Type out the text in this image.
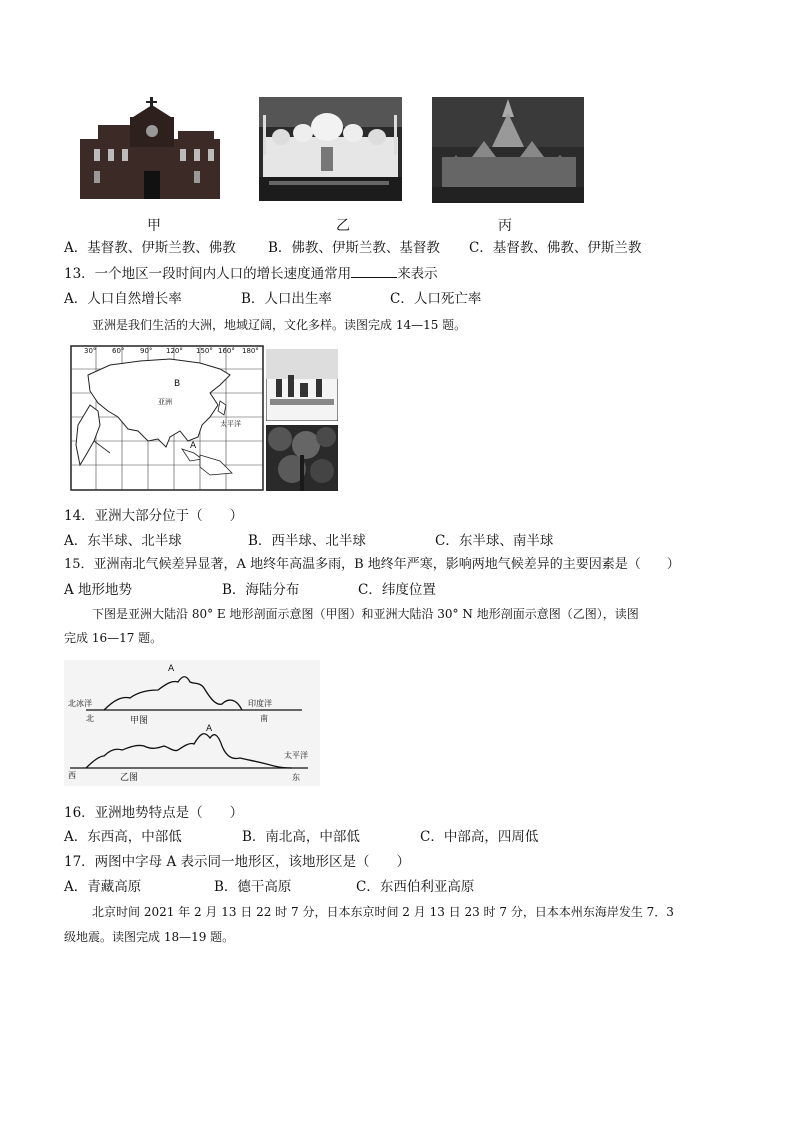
甲	乙	丙
A．基督教、伊斯兰教、佛教 B．佛教、伊斯兰教、基督教 C．基督教、佛教、伊斯兰教
13．一个地区一段时间内人口的增长速度通常用	来表示
A．人口自然增长率	B．人口出生率	C．人口死亡率
亚洲是我们生活的大洲，地域辽阔，文化多样。读图完成 14—15 题。
30° 60° 90° 120° 150° 160° 180°
B
亚洲
A
太平洋
14．亚洲大部分位于（　　）
A．东半球、北半球	B．西半球、北半球	C．东半球、南半球
15．亚洲南北气候差异显著，A 地终年高温多雨，B 地终年严寒，影响两地气候差异的主要因素是（　　）
A 地形地势	B．海陆分布	C．纬度位置
下图是亚洲大陆沿 80° E 地形剖面示意图（甲图）和亚洲大陆沿 30° N 地形剖面示意图（乙图），读图
完成 16—17 题。
A
北冰洋	印度洋
北	甲图	南
A
太平洋
西	乙图	东
16．亚洲地势特点是（　　）
A．东西高，中部低	B．南北高，中部低	C．中部高，四周低
17．两图中字母 A 表示同一地形区，该地形区是（　　）
A．青藏高原	B．德干高原	C．东西伯利亚高原
北京时间 2021 年 2 月 13 日 22 时 7 分，日本东京时间 2 月 13 日 23 时 7 分，日本本州东海岸发生 7．3
级地震。读图完成 18—19 题。
